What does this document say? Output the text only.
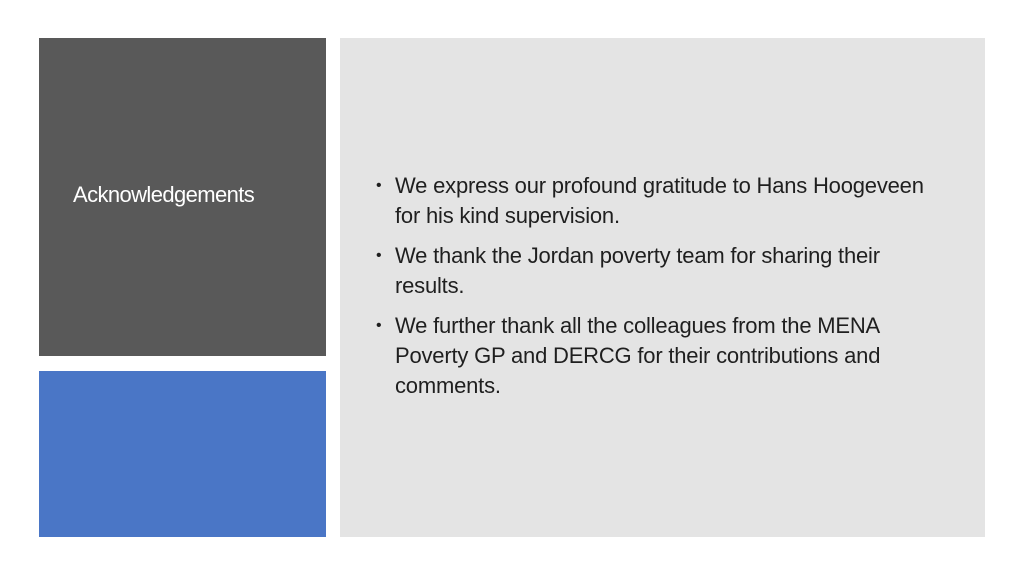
Acknowledgements	• We express our profound gratitude to Hans Hoogeveen for his kind supervision.
• We thank the Jordan poverty team for sharing their results.
• We further thank all the colleagues from the MENA Poverty GP and DERCG for their contributions and comments.
